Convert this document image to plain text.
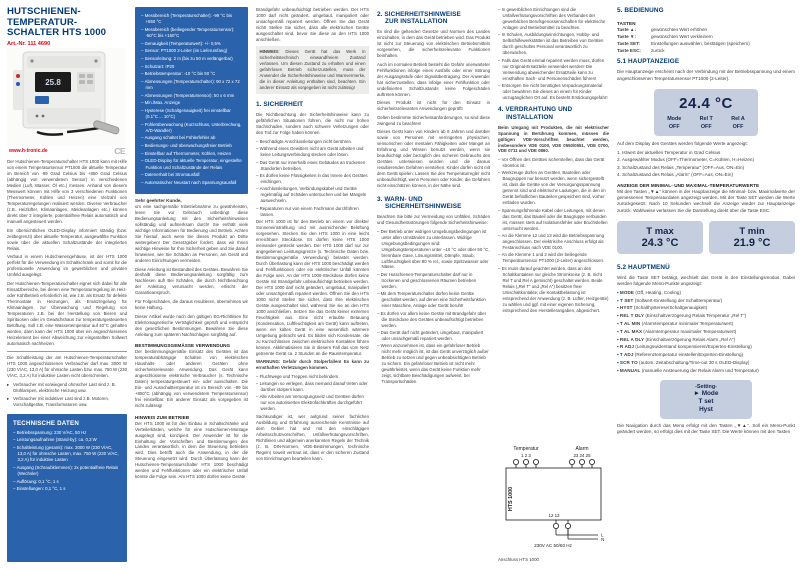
HUTSCHIENEN-TEMPERATUR-
SCHALTER HTS 1000
Art.-Nr. 111 4690
25.8
www.h-tronic.de	CE
Der Hutschienen-Temperaturschalter HTS 1000 kann mit Hilfe von einem Temperatursensor PT1000 die aktuelle Temperatur im Bereich von -99 Grad Celsius bis +850 Grad Celsius (abhängig von verwendetem Sensor) in verschiedenen Medien (Luft, Wasser, Öl etc.) messen. Anhand von diesem Messwert können mit Hilfe von 3 verschiedenen Funktionen (Thermometer, Kühlen und Heizen) eine Vielzahl von Temperaturregelungen realisiert werden. Diverse Verbraucher (z.B. Heizlüfter, Klimaanlagen, Meldeanlagen etc.) können direkt über 2 integrierte, potentialfreie Relais automatisch und manuell angesteuert werden.
Ein übersichtliches OLED-Display informiert ständig (bzw. zeitbegrenzt) über aktuelle Temperatur, ausgewählte Funktion sowie über die aktuellen Schaltzustände der integrierten Relais.
Verbaut in einem Hutschienengehäuse, ist der HTS 1000 perfekt für die Verwendung im Schaltschrank und somit für die professionelle Anwendung im gewerblichen und privaten Umfeld ausgelegt.
Der Hutschienen-Temperaturschalter eignet sich dabei für alle Einsatzbereiche, bei denen eine Temperaturregelung im Heiz- oder Kühlbetrieb erforderlich ist, wie z.B. als Ersatz für defekte Thermostate in Heizungen, als Ersatzregelung für Klimaanlagen, zur Überwachung und Regelung von Temperaturen z.B. bei der Herstellung von Bieren und Spirituosen oder im Gewächshaus zur temperaturgesteuerten Belüftung. Soll z.B. eine Wassertemperatur auf 40°C gehalten werden, dann kann der HTS 1000 über ein angeschlossenes Heizelement bei einer Abweichung zur eingestellten Sollwert automatisch nachheizen.
Die Schaltleistung der am Hutschienen-Temperaturschalter HTS 1000 angeschlossenen Verbraucher darf max. 3000 W (230 V/AC, 13,0 A) für ohmsche Lasten bzw. max. 750 W (230 V/AC, 3,2 A) für induktive Lasten nicht überschreiten.
▸ Verbraucher mit vorwiegend ohmscher Last sind z. B. Glühlampen, elektrische Heizung usw.
▸ Verbraucher mit induktiver Last sind z.B. Motoren, Vorschaltgeräte, Transformatoren usw.
TECHNISCHE DATEN
– Betriebsspannung: 230 V/AC, 50 Hz
– Leistungsaufnahme (Stand-by): ca. 0,3 W
– Schaltleistung (gesamt): max. 3000 W (230 V/AC, 13,0 A) für ohmsche Lasten, max. 750 W (230 V/AC, 3,2 A) für induktive Lasten
– Ausgang (Schraubklemmen): 2x potentialfreie Relais (Wechsler)
– Auflösung: 0,1 °C, 1 s
– Einstellungen: 0,1 °C, 1 s
– Messbereich (Temperaturschalter): -99 °C bis +850 °C
– Messbereich (beiliegender Temperatursensor): -50°C bis +150°C
– Genauigkeit (Temperaturwert): +/- 0,5%
– Sensor: PT1000 2-Leiter (im Lieferumfang)
– Sensorleitung: 2 m (bis zu 50 m verlängerbar)
– Schutzart: IP20
– Betriebstemperatur: -10 °C bis 50 °C
– Abmessungen (Temperaturschalter): 90 x 72 x 72 mm
– Abmessungen (Temperatursensor): 50 x 6 mm
– Min./Max. Anzeige
– Hysterese (Schaltgenauigkeit) frei einstellbar (0.1°C ... 10°C)
– Fühlerüberwachung (Kurzschluss, Unterbrechung, A/D-Wandler)
– Ausgang schaltet bei Fühlerfehler ab
– Bedienungs- und überwachungsfreier Betrieb
– Einstellbar auf Thermometer, Kühlen, Heizen
– OLED-Display für aktuelle Temperatur, eingestellte Funktion und Schaltzustände der Relais
– Datenerhalt bei Stromausfall
– Automatischer Neustart nach Spannungsausfall
Sehr geehrter Kunde,
um eine sachgemäße Inbetriebnahme zu gewährleisten, lesen Sie vor Gebrauch unbedingt diese Bedienungsanleitung mit den Sicherheitshinweisen vollständig und aufmerksam durch! Sie enthält viele wichtige Informationen für Bedienung und Betrieb. Achten Sie hierauf, auch wenn Sie dieses Produkt an Dritte weitergeben! Der Gesetzgeber fordert, dass wir Ihnen wichtige Hinweise für Ihre Sicherheit geben und Sie darauf hinweisen, wie Sie Schäden an Personen, am Gerät und anderen Einrichtungen vermeiden.
Diese Anleitung ist Bestandteil des Gerätes. Bewahren Sie deshalb diese Bedienungsanleitung sorgfältig zum Nachlesen auf! Bei Schäden, die durch Nichtbeachtung der Anleitung verursacht werden, erlischt der Garantieanspruch.
Für Folgeschäden, die daraus resultieren, übernehmen wir keine Haftung.
Dieser Artikel wurde nach den gültigen EG-Richtlinien für Elektromagnetische Verträglichkeit geprüft und entspricht den gesetzlichen Bestimmungen. Bewahren Sie diese Anleitung zum späteren Nachschlagen sorgfältig auf.
BESTIMMUNGSGEMÄSSE VERWENDUNG
Der bestimmungsgemäße Einsatz des Gerätes ist das temperaturabhängige Schalten von elektrischen Haushalts- oder anderen Geräten ohne sicherheitsrelevante Anwendung. Das Gerät kann angeschlossene elektrische Verbraucher (s. Technische Daten) temperaturgesteuert ein- oder ausschalten. Die Ein- und Ausschalttemperatur ist im Bereich von –99 bis +850°C (abhängig von verwendetem Temperatursensor) frei einstellbar. Ein anderer Einsatz als vorgegeben ist nicht zulässig!
HINWEIS ZUM BETRIEB
Der HTS 1000 ist für den Einbau in Schaltschränke und Verteilerkästen, welche für eine Hutschienen-Montage ausgelegt sind, konzipiert. Der Anwender ist für die Einhaltung der Vorschriften und Bestimmungen des Landes verantwortlich, in dem die Steuerung betrieben wird. Dies betrifft auch die Anwendung, in der die Steuerung eingesetzt wird. Durch Überlastung kann der Hutschienen-Temperaturschalter HTS 1000 beschädigt werden und Fehlfunktionen oder ein elektrischer Unfall könnte die Folge sein. Am HTS 1000 dürfen keine Geräte
Brandgefahr unbeaufsichtigt betrieben werden. Der HTS 1000 darf nicht geändert, umgebaut, manipuliert oder unsachgemäß repariert werden. Öffnen Sie das Gerät nicht! Stellen Sie sicher, dass alle elektrischen Geräte ausgeschaltet sind, bevor Sie diese an den HTS 1000 anschließen.
HINWEIS: Dieses Gerät hat das Werk in sicherheitstechnisch einwandfreiem Zustand verlassen. Um diesen Zustand zu erhalten und einen gefahrlosen Betrieb sicherzustellen, muss der Anwender die Sicherheitshinweise und Warnvermerke, die in dieser Anleitung enthalten sind, beachten. Ein anderer Einsatz als vorgegeben ist nicht zulässig!
1. SICHERHEIT
Die Nichtbeachtung der Sicherheitshinweise kann zu gefährlichen Situationen führen, die nicht nur hohen Sachschaden, sondern auch schwere Verletzungen oder den Tod zur Folge haben können.
– Beschädigte Anschlussleitungen nicht berühren.
– Während eines Gewitters nicht am Gerät arbeiten und keine Leitungsverbindung stecken oder lösen.
– Das Gerät nur innerhalb eines Gebäudes an trockenen Standorten betreiben.
– Es dürfen keine Flüssigkeiten in das Innere des Gerätes eindringen.
– Anschlussleitungen, Verbindungskabel und Geräte regelmäßig auf Schäden untersuchen und bei Mängeln auswechseln.
– Reparaturen nur von einem Fachmann durchführen lassen.
Der HTS 1000 ist für den Betrieb an einem vor direkter Sonneneinstrahlung und mit ausreichender Belüftung vorgesehen. Stecken Sie den HTS 1000 in eine leicht erreichbare Steckdose. Es dürfen keine HTS 1000 ineinander gesteckt werden. Der HTS 1000 darf nur zur angegebenen Leistungsgrenze (s. Technische Daten bzw. Bestimmungsgemäße Verwendung) belastet werden. Durch Überlastung kann der HTS 1000 beschädigt werden und Fehlfunktionen oder ein elektrischer Unfall könnten die Folge sein. An der HTS 1000-Steckdose dürfen keine Geräte mit Brandgefahr unbeaufsichtigt betrieben werden. Der HTS 1000 darf nicht geändert, umgebaut, manipuliert oder unsachgemäß repariert werden. Öffnen Sie den HTS 1000 nicht! Stellen Sie sicher, dass Ihre elektrischen Geräte ausgeschaltet sind, während Sie sie an den HTS 1000 anschließen. Setzen Sie das Gerät keiner extremen Feuchtigkeit aus. Eine nicht erlaubte Betauung (Kondensation, Luftfeuchtigkeit am Gerät) kann auftreten, wenn ein kaltes Gerät in eine wesentlich wärmere Umgebung gebracht wird. Es bilden sich Kondensate, die zu Kurzschlüssen zwischen elektrischen Kontakten führen können. Akklimatisieren Sie in diesem Fall das vom Netz getrennte Gerät ca. 2 Stunden an die Raumtemperatur.
WARNUNG: Gefahr durch Stolperfallen! Es kann zu ernsthaften Verletzungen kommen.
– Fluchtwege und Treppen nicht behindern.
– Leitungen so verlegen, dass niemand darauf treten oder darüber stolpern kann.
– Alle Arbeiten am Versorgungsnetz und Geräten dürfen nur von autorisierten Elektrofachkräften durchgeführt werden.
Sachkundiger ist, wer aufgrund seiner fachlichen Ausbildung und Erfahrung ausreichende Kenntnisse auf dem Gebiet hat und mit den einschlägigen Arbeitsschutzvorschriften, Unfallverhütungsvorschriften, Richtlinien und allgemein anerkannten Regeln der Technik (z. B. DIN-Normen, VDE-Bestimmungen, technische Regeln) soweit vertraut ist, dass er den sicheren Zustand von Einrichtungen beurteilen kann.
2. SICHERHEITSHINWEISE
ZUR INSTALLATION
Es sind die geltenden Gesetze und Normen des Landes einzuhalten, in dem das Gerät betrieben wird. Das Produkt ist nicht zur Steuerung von elektrischen Betriebsmitteln vorgesehen, die sicherheitsrelevante Funktionen beinhalten.
Auch im normalen Betrieb besteht die Gefahr unerwarteter Fehlfunktionen infolge eines Ausfalls oder einer Störung der Ausgangsstufe oder Signalübertragung. Der Anwender hat sicherzustellen, dass infolge einer Fehlfunktion oder undefinierten Schaltzustands keine Folgeschäden auftreten können.
Dieses Produkt ist nicht für den Einsatz in sicherheitsrelevanten Anwendungen geprüft!
Gelten bestimmte Sicherheitsanforderungen, so sind diese zwingend zu beachten!
Dieses Gerät kann von Kindern ab 8 Jahren und darüber sowie von Personen mit verringerten physischen, sensorischen oder mentalen Fähigkeiten oder Mangel an Erfahrung und Wissen benutzt werden, wenn sie beaufsichtigt oder bezüglich des sicheren Gebrauchs des Gerätes unterwiesen wurden und die daraus resultierenden Gefahren verstehen. Kinder dürfen nicht mit dem Gerät spielen. Lassen Sie den Temperaturregler nicht unbeaufsichtigt, wenn Personen oder Kinder, die Gefahren nicht einschätzen können, in der Nähe sind.
3. WARN- UND
SICHERHEITSHINWEISE
Beachten Sie bitte zur Vermeidung von Unfällen, Schäden und Gesundheitsstörungen folgende Sicherheitshinweise:
– Der Betrieb unter widrigen Umgebungsbedingungen ist unter allen Umständen zu unterlassen. Widrige Umgebungsbedingungen sind: Umgebungstemperaturen unter –10 °C oder über 50 °C, brennbare Gase, Lösungsmittel, Dämpfe, Staub, Luftfeuchtigkeit über 80 % rel., sowie Spritzwasser oder Nässe.
– Der Hutschienen-Temperaturschalter darf nur in trockenen und geschlossenen Räumen betrieben werden.
– Mit dem Temperaturschalter dürfen keine Geräte geschaltet werden, auf denen eine Sicherheitsfunktion einer Maschine, Anlage oder Gerät beruht!
– Es dürfen vor allem keine Geräte mit Brandgefahr über die Steckdose des Gerätes unbeaufsichtigt betrieben werden.
– Das Gerät darf nicht geändert, umgebaut, manipuliert oder unsachgemäß repariert werden.
– Wenn anzunehmen ist, dass ein gefahrloser Betrieb nicht mehr möglich ist, ist das Gerät unverzüglich außer Betrieb zu setzen und gegen unbeabsichtigten Betrieb zu sichern. Ein gefahrloser Betrieb ist nicht mehr gewährleistet, wenn das Gerät keine Funktion mehr zeigt, sichtbare Beschädigungen aufweist, bei Transportschäden.
– In gewerblichen Einrichtungen sind die Unfallverhütungsvorschriften des Verbandes der gewerblichen Berufsgenossenschaften für elektrische Anlagen und Betriebsmittel zu beachten.
– In Schulen, Ausbildungseinrichtungen, Hobby- und Selbsthilfewerkstätten ist das Betreiben von Geräten durch geschultes Personal verantwortlich zu überwachen.
– Falls das Gerät einmal repariert werden muss, dürfen nur Original-Ersatzteile verwendet werden! Die Verwendung abweichender Ersatzteile kann zu ernsthaften Sach- und Personenschäden führen!
– Entsorgen Sie nicht benötigtes Verpackungsmaterial oder bewahren Sie dieses an einem für Kinder unzugänglichen Ort auf. Es besteht Erstickungsgefahr!
4. VERDRAHTUNG UND
INSTALLATION
Beim Umgang mit Produkten, die mit elektrischer Spannung in Berührung kommen, müssen die gültigen VDE-Vorschriften beachtet werden, insbesondere VDE 0100, VDE 0550/0551, VDE 0700, VDE 0711 und VDE 0860.
– Vor Öffnen des Gerätes sicherstellen, dass das Gerät stromlos ist.
– Werkzeuge dürfen an Geräten, Bauteilen oder Baugruppen nur benutzt werden, wenn sichergestellt ist, dass die Geräte von der Versorgungsspannung getrennt sind und elektrische Ladungen, die in den im Gerät befindlichen Bauteilen gespeichert sind, vorher entladen wurden.
– Spannungsführende Kabel oder Leitungen, mit denen das Gerät, das Bauteil oder die Baugruppe verbunden ist, müssen stets auf Isolationsfehler oder Bruchstellen untersucht werden.
– An die Klemme 12 und 13 wird die Betriebsspannung angeschlossen. Der elektrische Anschluss erfolgt als Festanschluss nach VDE 0100.
– An die Klemme 1 und 2 wird der beiliegende Temperatursensor PT1000 (2-Leiter) angeschlossen.
– Es muss darauf geachtet werden, dass an den Schaltkontakten nur gleiche Stromkreise (z. B. nicht Rel T und Rel A gemischt) geschaltet werden. Beide Relais („Rel T“ und „Rel A“) besitzen freie Umschaltkontakte; die Kontaktbelastung ist entsprechend der Anwendung (z. B. Lüfter, Heizgeräte) zu wählen und ggf. mit einer eigenen Sicherung, entsprechend den Herstellerangaben, abgesichert.
Temperatur	Alarm
1 2 3	23 24 25
12 13
L
N
HTS 1000
230V AC 50/60 Hz
Anschluss HTS 1000
5. BEDIENUNG
TASTEN
Taste ▲:	gewünschten Wert erhöhen
Taste ▼:	gewünschten Wert verkleinern
Taste SET:	Einstellungen auswählen, bestätigen (speichern)
Taste ESC:	zurück
5.1 HAUPTANZEIGE
Die Hauptanzeige erscheint nach der Verbindung mit der Betriebsspannung und einem angeschlossenen Temperatursensor PT1000 (2-Leiter).
24.4 °C
Mode
OFF
Rel T
OFF
Rel A
OFF
Auf dem Display des Gerätes werden folgende Werte angezeigt:
1. Istwert der aktuellen Temperatur in Grad Celsius
2. Ausgewählter Modus (OFF=Thermometer, C=Kühlen, H=Heizen)
3. Schaltzustand des Relais „Temperatur“ (OFF=Aus, ON=Ein)
4. Schaltzustand des Relais „Alarm“ (OFF=Aus, ON=Ein)
ANZEIGE DER MINIMAL- UND MAXIMAL-TEMPERATURWERTE
Mit den Tasten „▼▲“ können in der Hauptanzeige die Minimal- bzw. Maximalwerte der gemessenen Temperaturdaten angezeigt werden. Mit der Taste SET werden die Werte zurückgesetzt. Nach 10 Sekunden wechselt die Anzeige wieder zur Hauptanzeige zurück. Wahlweise verlassen Sie die Darstellung direkt über die Taste ESC.
T max
24.3 °C
T min
21.9 °C
5.2 HAUPTMENÜ
Wird die Taste SET betätigt, wechselt das Gerät in den Einstellungsmodus. Dabei werden folgende Menü-Punkte angezeigt:
▪ MODE (Off, Heating, Cooling)
▪ T SET (Sollwert-Einstellung der Schalttemperatur)
▪ HYST (Schalthysterese/Schaltgenauigkeit)
▪ REL T DLY (Einschaltverzögerung Relais Temperatur „Rel T“)
▪ T AL MIN (Alarmtemperatur minimaler Temperaturwert)
▪ T AL MAX (Alarmtemperatur maximaler Temperaturwert)
▪ REL A DLY (Einschaltverzögerung Relais Alarm „Rel A“)
▪ R ADJ (Leitungswiderstand kompensieren/Experten-Einstellung)
▪ T ADJ (Referenztemperatur einstellen/Experten-Einstellung)
▪ SCR TO (autom. Zeitabschaltung/Time-out 30 s OLED-Display)
▪ MANUAL (manuelle Ansteuerung der Relais Alarm und Temperatur)
-Setting-
► Mode
T set
Hyst
Die Navigation durch das Menü erfolgt mit den Tasten „▼▲“. Soll ein Menü-Punkt geändert werden, so erfolgt dies mit der Taste SET. Die Werte können mit den Tasten
